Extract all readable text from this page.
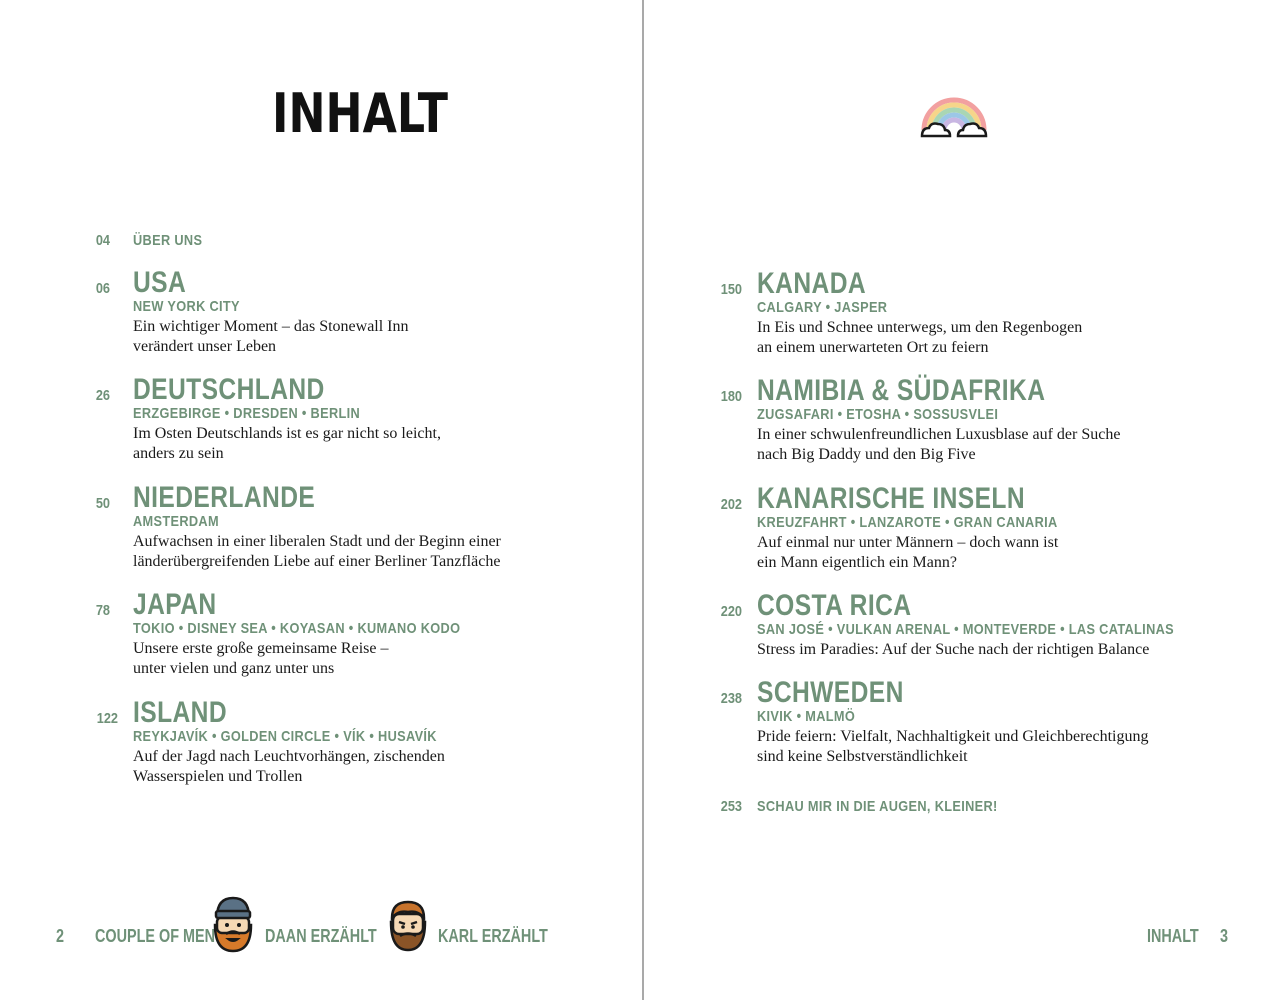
INHALT
04 ÜBER UNS
06 USA
NEW YORK CITY
Ein wichtiger Moment – das Stonewall Inn
verändert unser Leben
26 DEUTSCHLAND
ERZGEBIRGE • DRESDEN • BERLIN
Im Osten Deutschlands ist es gar nicht so leicht,
anders zu sein
50 NIEDERLANDE
AMSTERDAM
Aufwachsen in einer liberalen Stadt und der Beginn einer
länderübergreifenden Liebe auf einer Berliner Tanzfläche
78 JAPAN
TOKIO • DISNEY SEA • KOYASAN • KUMANO KODO
Unsere erste große gemeinsame Reise –
unter vielen und ganz unter uns
122 ISLAND
REYKJAVÍK • GOLDEN CIRCLE • VÍK • HUSAVÍK
Auf der Jagd nach Leuchtvorhängen, zischenden
Wasserspielen und Trollen
2 COUPLE OF MEN	DAAN ERZÄHLT	KARL ERZÄHLT
150 KANADA
CALGARY • JASPER
In Eis und Schnee unterwegs, um den Regenbogen
an einem unerwarteten Ort zu feiern
180 NAMIBIA & SÜDAFRIKA
ZUGSAFARI • ETOSHA • SOSSUSVLEI
In einer schwulenfreundlichen Luxusblase auf der Suche
nach Big Daddy und den Big Five
202 KANARISCHE INSELN
KREUZFAHRT • LANZAROTE • GRAN CANARIA
Auf einmal nur unter Männern – doch wann ist
ein Mann eigentlich ein Mann?
220 COSTA RICA
SAN JOSÉ • VULKAN ARENAL • MONTEVERDE • LAS CATALINAS
Stress im Paradies: Auf der Suche nach der richtigen Balance
238 SCHWEDEN
KIVIK • MALMÖ
Pride feiern: Vielfalt, Nachhaltigkeit und Gleichberechtigung
sind keine Selbstverständlichkeit
253 SCHAU MIR IN DIE AUGEN, KLEINER!
INHALT 3
